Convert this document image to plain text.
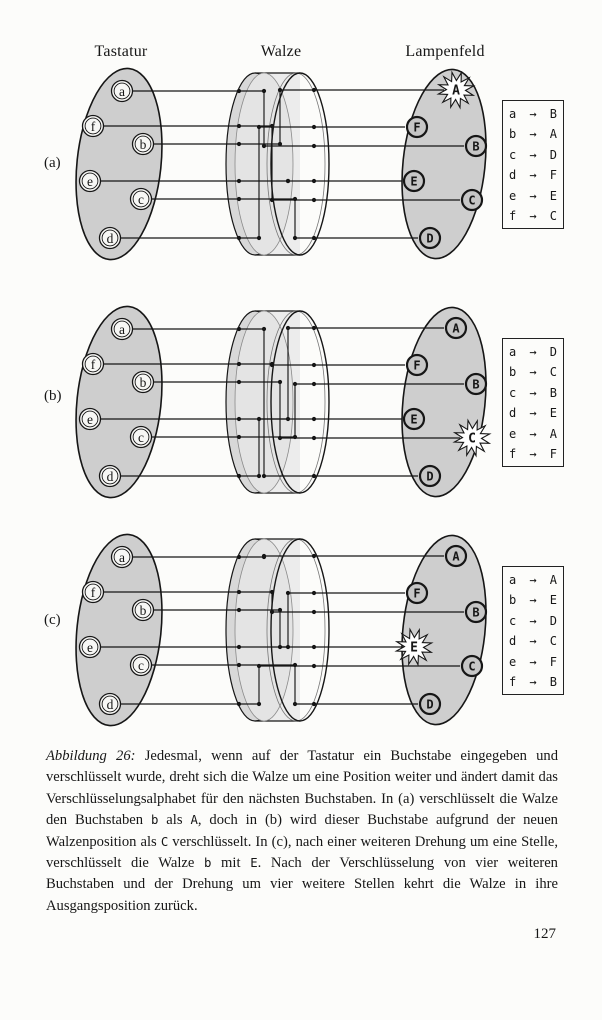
Tastatur	Walze	Lampenfeld
(a)
a
f
b
e
c
d
A
F
B
E
C
D
a → B
b → A
c → D
d → F
e → E
f → C
(b)
a
f
b
e
c
d
A
F
B
E
C
D
a → D
b → C
c → B
d → E
e → A
f → F
(c)
a
f
b
e
c
d
A
F
B
E
C
D
a → A
b → E
c → D
d → C
e → F
f → B

Abbildung 26: Jedesmal, wenn auf der Tastatur ein Buchstabe eingegeben und verschlüsselt wurde, dreht sich die Walze um eine Position weiter und ändert damit das Verschlüsselungsalphabet für den nächsten Buchstaben. In (a) verschlüsselt die Walze den Buchstaben b als A, doch in (b) wird dieser Buchstabe aufgrund der neuen Walzenposition als C verschlüsselt. In (c), nach einer weiteren Drehung um eine Stelle, verschlüsselt die Walze b mit E. Nach der Verschlüsselung von vier weiteren Buchstaben und der Drehung um vier weitere Stellen kehrt die Walze in ihre Ausgangsposition zurück.

127
